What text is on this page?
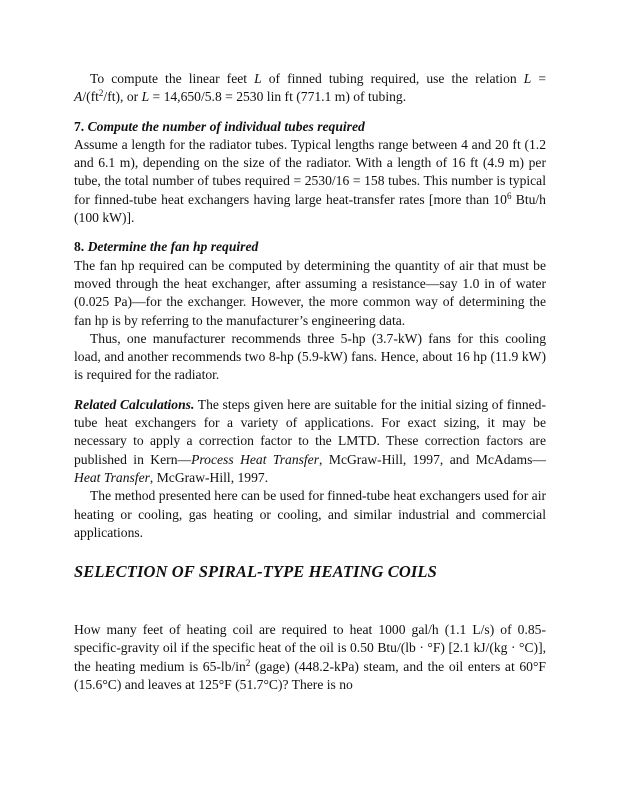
To compute the linear feet L of finned tubing required, use the relation $L = A/(ft^2/ft)$, or L = 14,650/5.8 = 2530 lin ft (771.1 m) of tubing.

7. Compute the number of individual tubes required

Assume a length for the radiator tubes. Typical lengths range between 4 and 20 ft (1.2 and 6.1 m), depending on the size of the radiator. With a length of 16 ft (4.9 m) per tube, the total number of tubes required = 2530/16 = 158 tubes. This number is typical for finned-tube heat exchangers having large heat-transfer rates [more than $10^6$ Btu/h (100 kW)].

8. Determine the fan hp required

The fan hp required can be computed by determining the quantity of air that must be moved through the heat exchanger, after assuming a resistance—say 1.0 in of water (0.025 Pa)—for the exchanger. However, the more common way of determining the fan hp is by referring to the manufacturer’s engineering data.

Thus, one manufacturer recommends three 5-hp (3.7-kW) fans for this cooling load, and another recommends two 8-hp (5.9-kW) fans. Hence, about 16 hp (11.9 kW) is required for the radiator.

Related Calculations. The steps given here are suitable for the initial sizing of finned-tube heat exchangers for a variety of applications. For exact sizing, it may be necessary to apply a correction factor to the LMTD. These correction factors are published in Kern—Process Heat Transfer, McGraw-Hill, 1997, and McAdams—Heat Transfer, McGraw-Hill, 1997.

The method presented here can be used for finned-tube heat exchangers used for air heating or cooling, gas heating or cooling, and similar industrial and commercial applications.

SELECTION OF SPIRAL-TYPE HEATING COILS

How many feet of heating coil are required to heat 1000 gal/h (1.1 L/s) of 0.85-specific-gravity oil if the specific heat of the oil is 0.50 Btu/(lb · °F) [2.1 kJ/(kg · °C)], the heating medium is $65-lb/in^2$ (gage) (448.2-kPa) steam, and the oil enters at 60°F (15.6°C) and leaves at 125°F (51.7°C)? There is no
